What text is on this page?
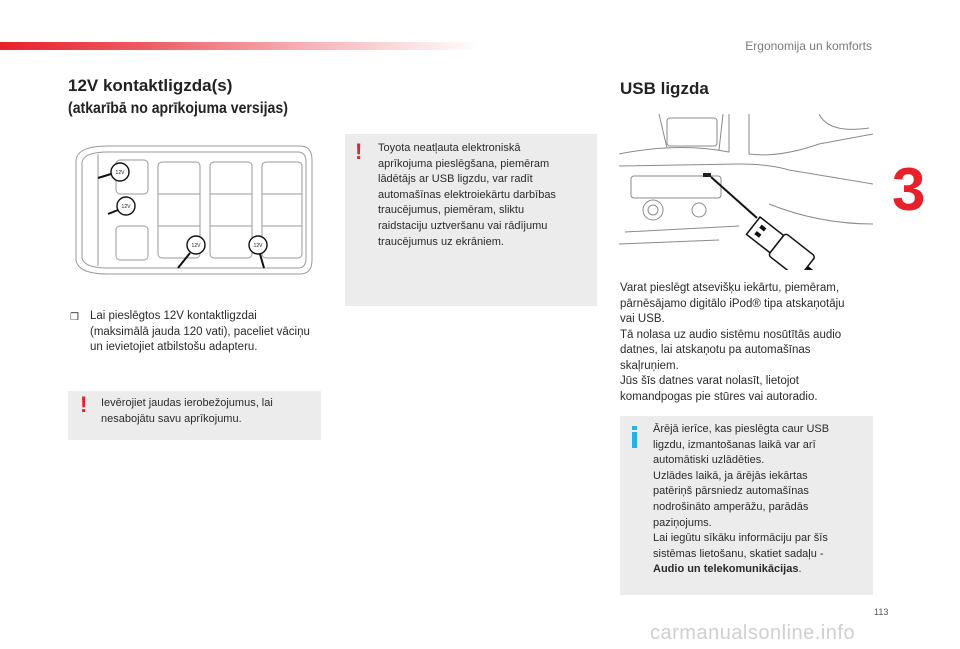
Ergonomija un komforts
3
12V kontaktligzda(s)
(atkarībā no aprīkojuma versijas)
12V
12V
12V	12V
❒ Lai pieslēgtos 12V kontaktligzdai
(maksimālā jauda 120 vati), paceliet vāciņu
un ievietojiet atbilstošu adapteru.
! Ievērojiet jaudas ierobežojumus, lai
nesabojātu savu aprīkojumu.
! Toyota neatļauta elektroniskā
aprīkojuma pieslēgšana, piemēram
lādētājs ar USB ligzdu, var radīt
automašīnas elektroiekārtu darbības
traucējumus, piemēram, sliktu
raidstaciju uztveršanu vai rādījumu
traucējumus uz ekrāniem.
USB ligzda
Varat pieslēgt atsevišķu iekārtu, piemēram,
pārnēsājamo digitālo iPod® tipa atskaņotāju
vai USB.
Tā nolasa uz audio sistēmu nosūtītās audio
datnes, lai atskaņotu pa automašīnas
skaļruņiem.
Jūs šīs datnes varat nolasīt, lietojot
komandpogas pie stūres vai autoradio.
Ārējā ierīce, kas pieslēgta caur USB
ligzdu, izmantošanas laikā var arī
automātiski uzlādēties.
Uzlādes laikā, ja ārējās iekārtas
patēriņš pārsniedz automašīnas
nodrošināto amperāžu, parādās
paziņojums.
Lai iegūtu sīkāku informāciju par šīs
sistēmas lietošanu, skatiet sadaļu -
Audio un telekomunikācijas.
113
carmanualsonline.info
